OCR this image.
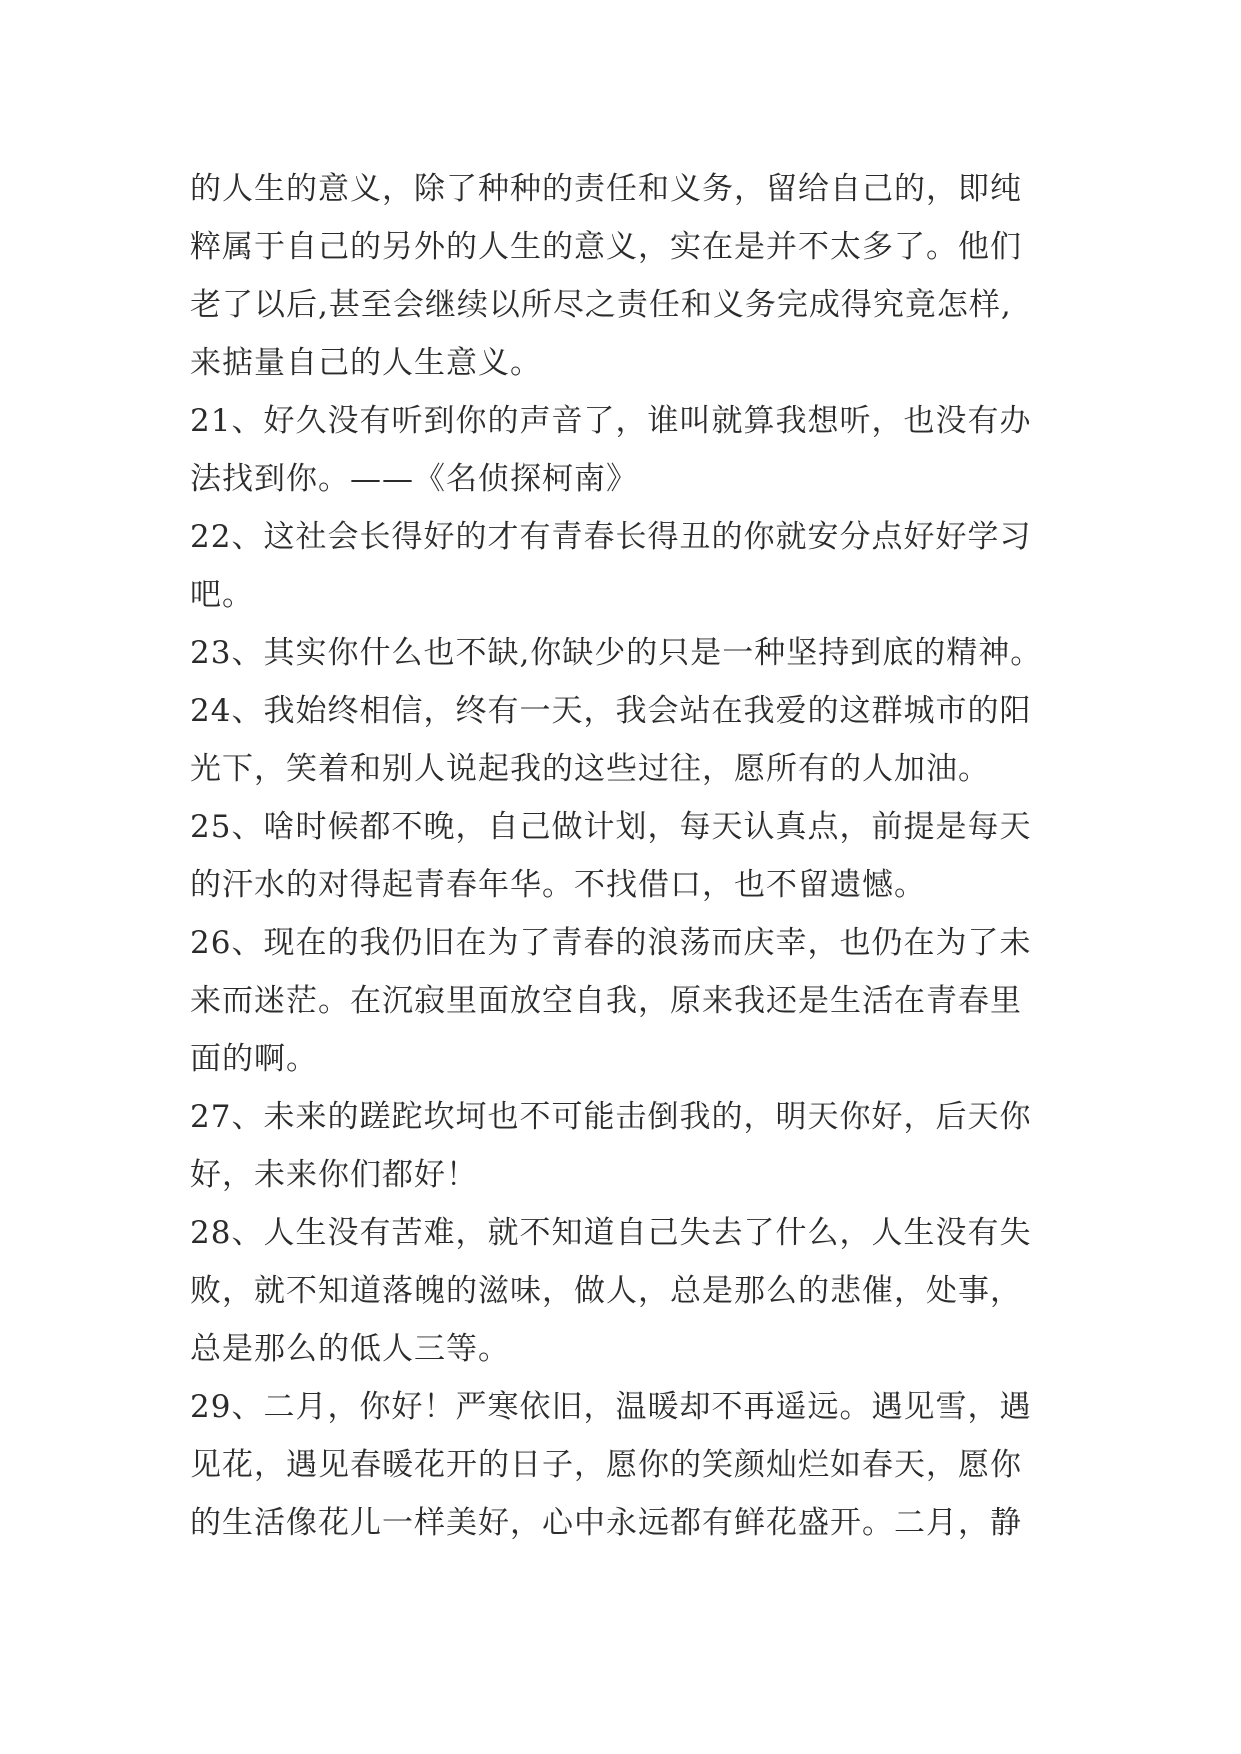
的人生的意义，除了种种的责任和义务，留给自己的，即纯
粹属于自己的另外的人生的意义，实在是并不太多了。他们
老了以后,甚至会继续以所尽之责任和义务完成得究竟怎样,
来掂量自己的人生意义。
21、好久没有听到你的声音了，谁叫就算我想听，也没有办
法找到你。——《名侦探柯南》
22、这社会长得好的才有青春长得丑的你就安分点好好学习
吧。
23、其实你什么也不缺,你缺少的只是一种坚持到底的精神。
24、我始终相信，终有一天，我会站在我爱的这群城市的阳
光下，笑着和别人说起我的这些过往，愿所有的人加油。
25、啥时候都不晚，自己做计划，每天认真点，前提是每天
的汗水的对得起青春年华。不找借口，也不留遗憾。
26、现在的我仍旧在为了青春的浪荡而庆幸，也仍在为了未
来而迷茫。在沉寂里面放空自我，原来我还是生活在青春里
面的啊。
27、未来的蹉跎坎坷也不可能击倒我的，明天你好，后天你
好，未来你们都好！
28、人生没有苦难，就不知道自己失去了什么，人生没有失
败，就不知道落魄的滋味，做人，总是那么的悲催，处事，
总是那么的低人三等。
29、二月，你好！严寒依旧，温暖却不再遥远。遇见雪，遇
见花，遇见春暖花开的日子，愿你的笑颜灿烂如春天，愿你
的生活像花儿一样美好，心中永远都有鲜花盛开。二月，静
